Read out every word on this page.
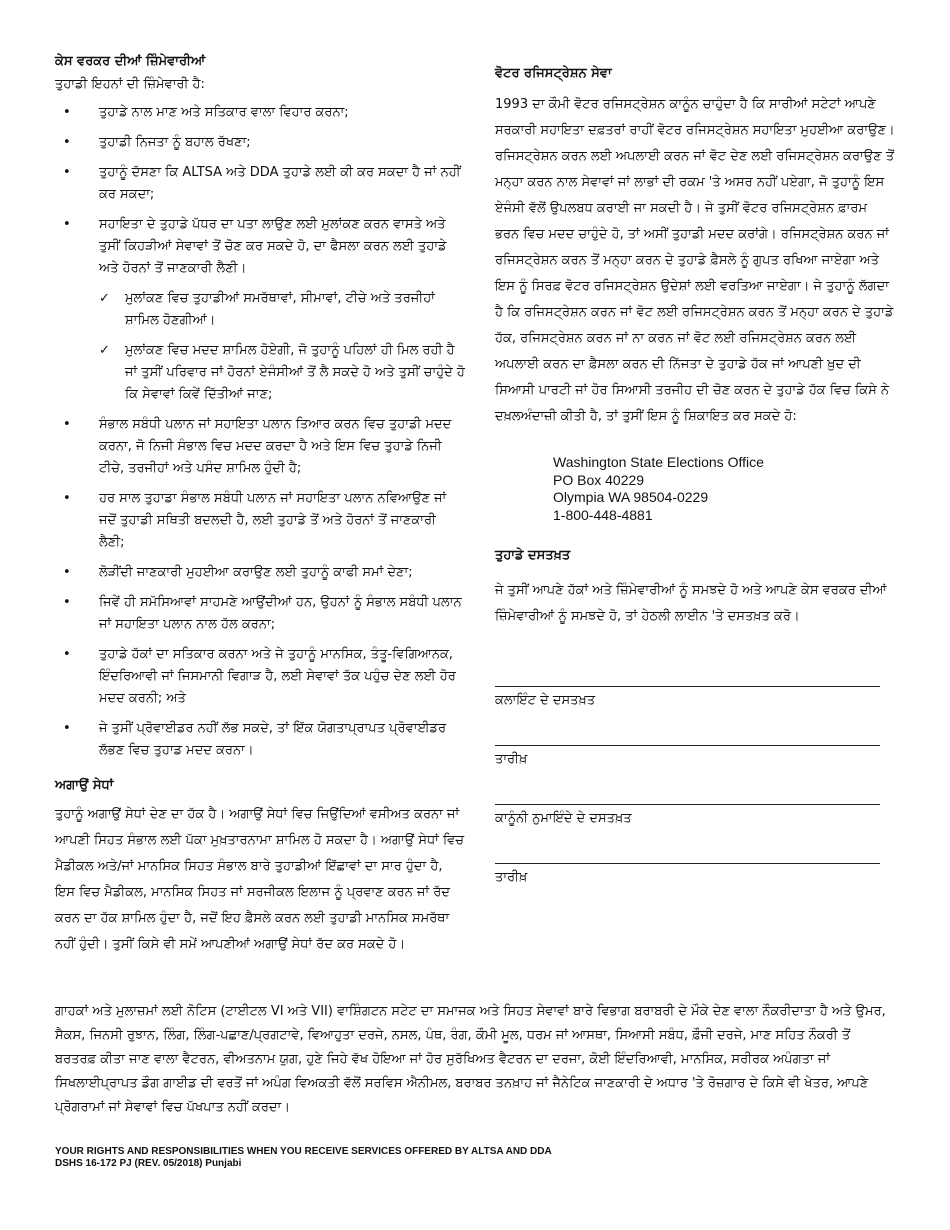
ਕੇਸ ਵਰਕਰ ਦੀਆਂ ਜ਼ਿੰਮੇਵਾਰੀਆਂ
ਤੁਹਾਡੀ ਇਹਨਾਂ ਦੀ ਜ਼ਿੰਮੇਵਾਰੀ ਹੈ:
• ਤੁਹਾਡੇ ਨਾਲ ਮਾਣ ਅਤੇ ਸਤਿਕਾਰ ਵਾਲਾ ਵਿਹਾਰ ਕਰਨਾ;
• ਤੁਹਾਡੀ ਨਿਜਤਾ ਨੂੰ ਬਹਾਲ ਰੱਖਣਾ;
• ਤੁਹਾਨੂੰ ਦੱਸਣਾ ਕਿ ALTSA ਅਤੇ DDA ਤੁਹਾਡੇ ਲਈ ਕੀ ਕਰ ਸਕਦਾ ਹੈ ਜਾਂ ਨਹੀਂ ਕਰ ਸਕਦਾ;
• ਸਹਾਇਤਾ ਦੇ ਤੁਹਾਡੇ ਪੱਧਰ ਦਾ ਪਤਾ ਲਾਉਣ ਲਈ ਮੁਲਾਂਕਣ ਕਰਨ ਵਾਸਤੇ ਅਤੇ ਤੁਸੀਂ ਕਿਹੜੀਆਂ ਸੇਵਾਵਾਂ ਤੋਂ ਚੋਣ ਕਰ ਸਕਦੇ ਹੋ, ਦਾ ਫੈਸਲਾ ਕਰਨ ਲਈ ਤੁਹਾਡੇ ਅਤੇ ਹੋਰਨਾਂ ਤੋਂ ਜਾਣਕਾਰੀ ਲੈਣੀ।
✓ ਮੁਲਾਂਕਣ ਵਿਚ ਤੁਹਾਡੀਆਂ ਸਮਰੱਥਾਵਾਂ, ਸੀਮਾਵਾਂ, ਟੀਚੇ ਅਤੇ ਤਰਜੀਹਾਂ ਸ਼ਾਮਿਲ ਹੋਣਗੀਆਂ।
✓ ਮੁਲਾਂਕਣ ਵਿਚ ਮਦਦ ਸ਼ਾਮਿਲ ਹੋਏਗੀ, ਜੋ ਤੁਹਾਨੂੰ ਪਹਿਲਾਂ ਹੀ ਮਿਲ ਰਹੀ ਹੈ ਜਾਂ ਤੁਸੀਂ ਪਰਿਵਾਰ ਜਾਂ ਹੋਰਨਾਂ ਏਜੰਸੀਆਂ ਤੋਂ ਲੈ ਸਕਦੇ ਹੋ ਅਤੇ ਤੁਸੀਂ ਚਾਹੁੰਦੇ ਹੋ ਕਿ ਸੇਵਾਵਾਂ ਕਿਵੇਂ ਦਿੱਤੀਆਂ ਜਾਣ;
• ਸੰਭਾਲ ਸਬੰਧੀ ਪਲਾਨ ਜਾਂ ਸਹਾਇਤਾ ਪਲਾਨ ਤਿਆਰ ਕਰਨ ਵਿਚ ਤੁਹਾਡੀ ਮਦਦ ਕਰਨਾ, ਜੋ ਨਿਜੀ ਸੰਭਾਲ ਵਿਚ ਮਦਦ ਕਰਦਾ ਹੈ ਅਤੇ ਇਸ ਵਿਚ ਤੁਹਾਡੇ ਨਿਜੀ ਟੀਚੇ, ਤਰਜੀਹਾਂ ਅਤੇ ਪਸੰਦ ਸ਼ਾਮਿਲ ਹੁੰਦੀ ਹੈ;
• ਹਰ ਸਾਲ ਤੁਹਾਡਾ ਸੰਭਾਲ ਸਬੰਧੀ ਪਲਾਨ ਜਾਂ ਸਹਾਇਤਾ ਪਲਾਨ ਨਵਿਆਉਣ ਜਾਂ ਜਦੋਂ ਤੁਹਾਡੀ ਸਥਿਤੀ ਬਦਲਦੀ ਹੈ, ਲਈ ਤੁਹਾਡੇ ਤੋਂ ਅਤੇ ਹੋਰਨਾਂ ਤੋਂ ਜਾਣਕਾਰੀ ਲੈਣੀ;
• ਲੋੜੀਂਦੀ ਜਾਣਕਾਰੀ ਮੁਹਈਆ ਕਰਾਉਣ ਲਈ ਤੁਹਾਨੂੰ ਕਾਫੀ ਸਮਾਂ ਦੇਣਾ;
• ਜਿਵੇਂ ਹੀ ਸਮੱਸਿਆਵਾਂ ਸਾਹਮਣੇ ਆਉਂਦੀਆਂ ਹਨ, ਉਹਨਾਂ ਨੂੰ ਸੰਭਾਲ ਸਬੰਧੀ ਪਲਾਨ ਜਾਂ ਸਹਾਇਤਾ ਪਲਾਨ ਨਾਲ ਹੱਲ ਕਰਨਾ;
• ਤੁਹਾਡੇ ਹੱਕਾਂ ਦਾ ਸਤਿਕਾਰ ਕਰਨਾ ਅਤੇ ਜੇ ਤੁਹਾਨੂੰ ਮਾਨਸਿਕ, ਤੰਤੂ-ਵਿਗਿਆਨਕ, ਇੰਦਰਿਆਵੀ ਜਾਂ ਜਿਸਮਾਨੀ ਵਿਗਾੜ ਹੈ, ਲਈ ਸੇਵਾਵਾਂ ਤੱਕ ਪਹੁੰਚ ਦੇਣ ਲਈ ਹੋਰ ਮਦਦ ਕਰਨੀ; ਅਤੇ
• ਜੇ ਤੁਸੀਂ ਪ੍ਰੋਵਾਈਡਰ ਨਹੀਂ ਲੱਭ ਸਕਦੇ, ਤਾਂ ਇੱਕ ਯੋਗਤਾਪ੍ਰਾਪਤ ਪ੍ਰੋਵਾਈਡਰ ਲੱਭਣ ਵਿਚ ਤੁਹਾਡ ਮਦਦ ਕਰਨਾ।
ਅਗਾਉਂ ਸੇਧਾਂ

ਤੁਹਾਨੂੰ ਅਗਾਉਂ ਸੇਧਾਂ ਦੇਣ ਦਾ ਹੱਕ ਹੈ। ਅਗਾਉਂ ਸੇਧਾਂ ਵਿਚ ਜਿਉਂਦਿਆਂ ਵਸੀਅਤ ਕਰਨਾ ਜਾਂ ਆਪਣੀ ਸਿਹਤ ਸੰਭਾਲ ਲਈ ਪੱਕਾ ਮੁਖ਼ਤਾਰਨਾਮਾ ਸ਼ਾਮਿਲ ਹੋ ਸਕਦਾ ਹੈ। ਅਗਾਉਂ ਸੇਧਾਂ ਵਿਚ ਮੈਡੀਕਲ ਅਤੇ/ਜਾਂ ਮਾਨਸਿਕ ਸਿਹਤ ਸੰਭਾਲ ਬਾਰੇ ਤੁਹਾਡੀਆਂ ਇੱਛਾਵਾਂ ਦਾ ਸਾਰ ਹੁੰਦਾ ਹੈ, ਇਸ ਵਿਚ ਮੈਡੀਕਲ, ਮਾਨਸਿਕ ਸਿਹਤ ਜਾਂ ਸਰਜੀਕਲ ਇਲਾਜ ਨੂੰ ਪ੍ਰਵਾਣ ਕਰਨ ਜਾਂ ਰੱਦ ਕਰਨ ਦਾ ਹੱਕ ਸ਼ਾਮਿਲ ਹੁੰਦਾ ਹੈ, ਜਦੋਂ ਇਹ ਫ਼ੈਸਲੇ ਕਰਨ ਲਈ ਤੁਹਾਡੀ ਮਾਨਸਿਕ ਸਮਰੱਥਾ ਨਹੀਂ ਹੁੰਦੀ। ਤੁਸੀਂ ਕਿਸੇ ਵੀ ਸਮੇਂ ਆਪਣੀਆਂ ਅਗਾਉਂ ਸੇਧਾਂ ਰੱਦ ਕਰ ਸਕਦੇ ਹੋ।

ਵੋਟਰ ਰਜਿਸਟ੍ਰੇਸ਼ਨ ਸੇਵਾ

1993 ਦਾ ਕੌਮੀ ਵੋਟਰ ਰਜਿਸਟ੍ਰੇਸ਼ਨ ਕਾਨੂੰਨ ਚਾਹੁੰਦਾ ਹੈ ਕਿ ਸਾਰੀਆਂ ਸਟੇਟਾਂ ਆਪਣੇ ਸਰਕਾਰੀ ਸਹਾਇਤਾ ਦਫ਼ਤਰਾਂ ਰਾਹੀਂ ਵੋਟਰ ਰਜਿਸਟ੍ਰੇਸ਼ਨ ਸਹਾਇਤਾ ਮੁਹਈਆ ਕਰਾਉਣ। ਰਜਿਸਟ੍ਰੇਸ਼ਨ ਕਰਨ ਲਈ ਅਪਲਾਈ ਕਰਨ ਜਾਂ ਵੋਟ ਦੇਣ ਲਈ ਰਜਿਸਟ੍ਰੇਸ਼ਨ ਕਰਾਉਣ ਤੋਂ ਮਨ੍ਹਾ ਕਰਨ ਨਾਲ ਸੇਵਾਵਾਂ ਜਾਂ ਲਾਭਾਂ ਦੀ ਰਕਮ 'ਤੇ ਅਸਰ ਨਹੀਂ ਪਏਗਾ, ਜੋ ਤੁਹਾਨੂੰ ਇਸ ਏਜੰਸੀ ਵੱਲੋਂ ਉਪਲਬਧ ਕਰਾਈ ਜਾ ਸਕਦੀ ਹੈ। ਜੇ ਤੁਸੀਂ ਵੋਟਰ ਰਜਿਸਟ੍ਰੇਸ਼ਨ ਫ਼ਾਰਮ ਭਰਨ ਵਿਚ ਮਦਦ ਚਾਹੁੰਦੇ ਹੋ, ਤਾਂ ਅਸੀਂ ਤੁਹਾਡੀ ਮਦਦ ਕਰਾਂਗੇ। ਰਜਿਸਟ੍ਰੇਸ਼ਨ ਕਰਨ ਜਾਂ ਰਜਿਸਟ੍ਰੇਸ਼ਨ ਕਰਨ ਤੋਂ ਮਨ੍ਹਾ ਕਰਨ ਦੇ ਤੁਹਾਡੇ ਫ਼ੈਸਲੇ ਨੂੰ ਗੁਪਤ ਰਖਿਆ ਜਾਏਗਾ ਅਤੇ ਇਸ ਨੂੰ ਸਿਰਫ਼ ਵੋਟਰ ਰਜਿਸਟ੍ਰੇਸ਼ਨ ਉਦੇਸ਼ਾਂ ਲਈ ਵਰਤਿਆ ਜਾਏਗਾ। ਜੇ ਤੁਹਾਨੂੰ ਲੱਗਦਾ ਹੈ ਕਿ ਰਜਿਸਟ੍ਰੇਸ਼ਨ ਕਰਨ ਜਾਂ ਵੋਟ ਲਈ ਰਜਿਸਟ੍ਰੇਸ਼ਨ ਕਰਨ ਤੋਂ ਮਨ੍ਹਾ ਕਰਨ ਦੇ ਤੁਹਾਡੇ ਹੱਕ, ਰਜਿਸਟ੍ਰੇਸ਼ਨ ਕਰਨ ਜਾਂ ਨਾ ਕਰਨ ਜਾਂ ਵੋਟ ਲਈ ਰਜਿਸਟ੍ਰੇਸ਼ਨ ਕਰਨ ਲਈ ਅਪਲਾਈ ਕਰਨ ਦਾ ਫ਼ੈਸਲਾ ਕਰਨ ਦੀ ਨਿੱਜਤਾ ਦੇ ਤੁਹਾਡੇ ਹੱਕ ਜਾਂ ਆਪਣੀ ਖ਼ੁਦ ਦੀ ਸਿਆਸੀ ਪਾਰਟੀ ਜਾਂ ਹੋਰ ਸਿਆਸੀ ਤਰਜੀਹ ਦੀ ਚੋਣ ਕਰਨ ਦੇ ਤੁਹਾਡੇ ਹੱਕ ਵਿਚ ਕਿਸੇ ਨੇ ਦਖ਼ਲਅੰਦਾਜ਼ੀ ਕੀਤੀ ਹੈ, ਤਾਂ ਤੁਸੀਂ ਇਸ ਨੂੰ ਸ਼ਿਕਾਇਤ ਕਰ ਸਕਦੇ ਹੋ:

Washington State Elections Office
PO Box 40229
Olympia WA 98504-0229
1-800-448-4881
ਤੁਹਾਡੇ ਦਸਤਖ਼ਤ

ਜੇ ਤੁਸੀਂ ਆਪਣੇ ਹੱਕਾਂ ਅਤੇ ਜ਼ਿੰਮੇਵਾਰੀਆਂ ਨੂੰ ਸਮਝਦੇ ਹੋ ਅਤੇ ਆਪਣੇ ਕੇਸ ਵਰਕਰ ਦੀਆਂ ਜ਼ਿੰਮੇਵਾਰੀਆਂ ਨੂੰ ਸਮਝਦੇ ਹੋ, ਤਾਂ ਹੇਠਲੀ ਲਾਈਨ 'ਤੇ ਦਸਤਖ਼ਤ ਕਰੋ।

ਕਲਾਇੰਟ ਦੇ ਦਸਤਖ਼ਤ
ਤਾਰੀਖ਼
ਕਾਨੂੰਨੀ ਨੁਮਾਇੰਦੇ ਦੇ ਦਸਤਖ਼ਤ
ਤਾਰੀਖ਼
ਗਾਹਕਾਂ ਅਤੇ ਮੁਲਾਜ਼ਮਾਂ ਲਈ ਨੋਟਿਸ (ਟਾਈਟਲ VI ਅਤੇ VII) ਵਾਸ਼ਿੰਗਟਨ ਸਟੇਟ ਦਾ ਸਮਾਜਕ ਅਤੇ ਸਿਹਤ ਸੇਵਾਵਾਂ ਬਾਰੇ ਵਿਭਾਗ ਬਰਾਬਰੀ ਦੇ ਮੌਕੇ ਦੇਣ ਵਾਲਾ ਨੌਕਰੀਦਾਤਾ ਹੈ ਅਤੇ ਉਮਰ, ਸੈਕਸ, ਜਿਨਸੀ ਰੁਝਾਨ, ਲਿੰਗ, ਲਿੰਗ-ਪਛਾਣ/ਪ੍ਰਗਟਾਵੇ, ਵਿਆਹੁਤਾ ਦਰਜੇ, ਨਸਲ, ਪੰਥ, ਰੰਗ, ਕੌਮੀ ਮੂਲ, ਧਰਮ ਜਾਂ ਆਸਥਾ, ਸਿਆਸੀ ਸਬੰਧ, ਫ਼ੌਜੀ ਦਰਜੇ, ਮਾਣ ਸਹਿਤ ਨੌਕਰੀ ਤੋਂ ਬਰਤਰਫ਼ ਕੀਤਾ ਜਾਣ ਵਾਲਾ ਵੈਟਰਨ, ਵੀਅਤਨਾਮ ਯੁਗ, ਹੁਣੇ ਜਿਹੇ ਵੱਖ ਹੋਇਆ ਜਾਂ ਹੋਰ ਸੁਰੱਖਿਅਤ ਵੈਟਰਨ ਦਾ ਦਰਜਾ, ਕੋਈ ਇੰਦਰਿਆਵੀ, ਮਾਨਸਿਕ, ਸਰੀਰਕ ਅਪੰਗਤਾ ਜਾਂ ਸਿਖਲਾਈਪ੍ਰਾਪਤ ਡੌਗ ਗਾਈਡ ਦੀ ਵਰਤੋਂ ਜਾਂ ਅਪੰਗ ਵਿਅਕਤੀ ਵੱਲੋਂ ਸਰਵਿਸ ਐਨੀਮਲ, ਬਰਾਬਰ ਤਨਖ਼ਾਹ ਜਾਂ ਜੈਨੇਟਿਕ ਜਾਣਕਾਰੀ ਦੇ ਅਧਾਰ 'ਤੇ ਰੋਜ਼ਗਾਰ ਦੇ ਕਿਸੇ ਵੀ ਖੇਤਰ, ਆਪਣੇ ਪ੍ਰੋਗਰਾਮਾਂ ਜਾਂ ਸੇਵਾਵਾਂ ਵਿਚ ਪੱਖਪਾਤ ਨਹੀਂ ਕਰਦਾ।
YOUR RIGHTS AND RESPONSIBILITIES WHEN YOU RECEIVE SERVICES OFFERED BY ALTSA AND DDA
DSHS 16-172 PJ (REV. 05/2018) Punjabi
